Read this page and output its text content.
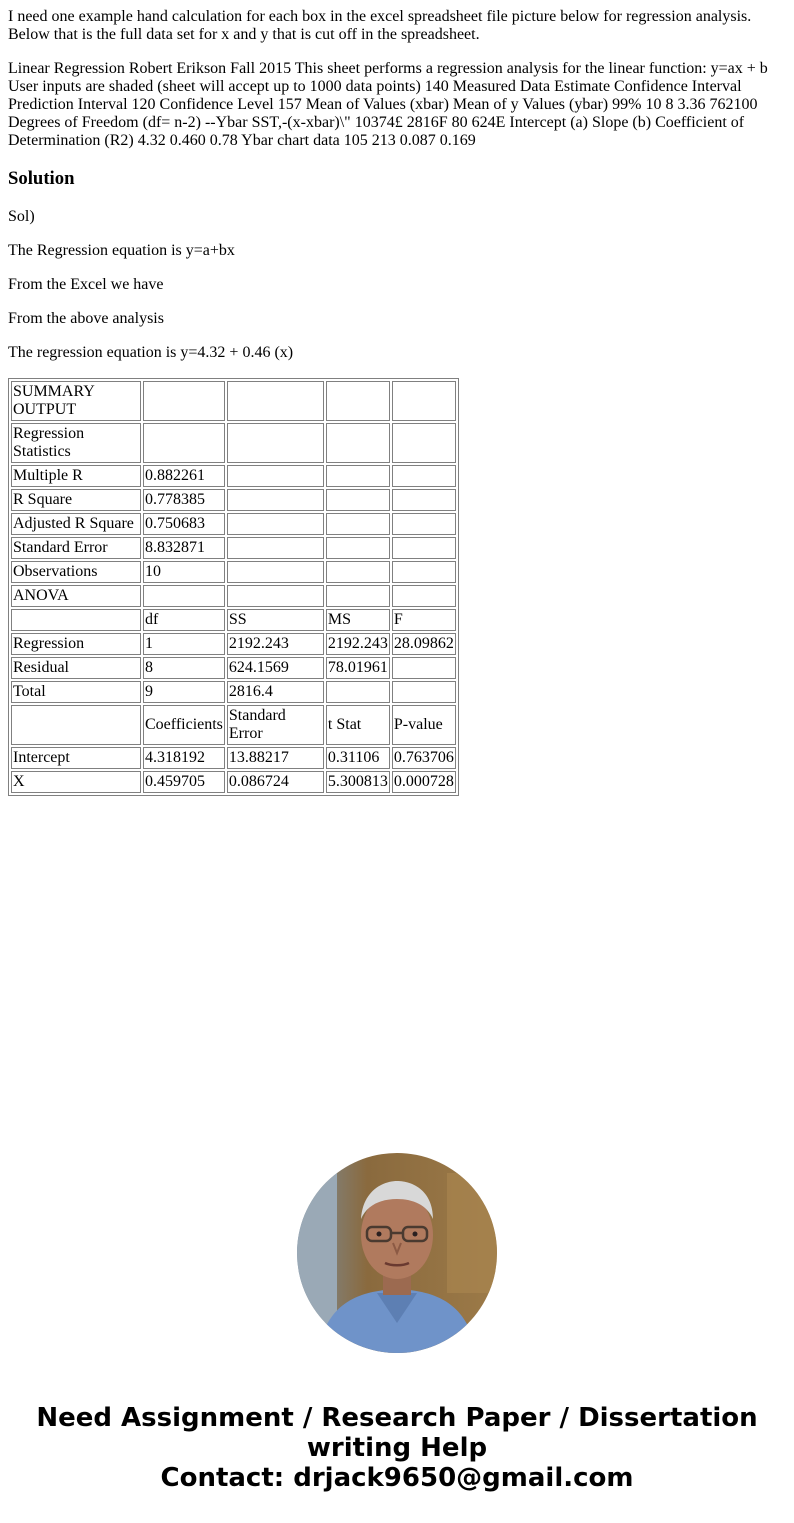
I need one example hand calculation for each box in the excel spreadsheet file picture below for regression analysis. Below that is the full data set for x and y that is cut off in the spreadsheet.

Linear Regression Robert Erikson Fall 2015 This sheet performs a regression analysis for the linear function: y=ax + b User inputs are shaded (sheet will accept up to 1000 data points) 140 Measured Data Estimate Confidence Interval Prediction Interval 120 Confidence Level 157 Mean of Values (xbar) Mean of y Values (ybar) 99% 10 8 3.36 762100 Degrees of Freedom (df= n-2) --Ybar SST,-(x-xbar)\" 10374£ 2816F 80 624E Intercept (a) Slope (b) Coefficient of Determination (R2) 4.32 0.460 0.78 Ybar chart data 105 213 0.087 0.169

Solution

Sol)

The Regression equation is y=a+bx

From the Excel we have

From the above analysis

The regression equation is y=4.32 + 0.46 (x)

SUMMARY OUTPUT				
Regression Statistics				
Multiple R	0.882261			
R Square	0.778385			
Adjusted R Square	0.750683			
Standard Error	8.832871			
Observations	10			
ANOVA				
	df	SS	MS	F
Regression	1	2192.243	2192.243	28.09862
Residual	8	624.1569	78.01961	
Total	9	2816.4		
	Coefficients	Standard Error	t Stat	P-value
Intercept	4.318192	13.88217	0.31106	0.763706
X	0.459705	0.086724	5.300813	0.000728
Need Assignment / Research Paper / Dissertation
writing Help
Contact: drjack9650@gmail.com
